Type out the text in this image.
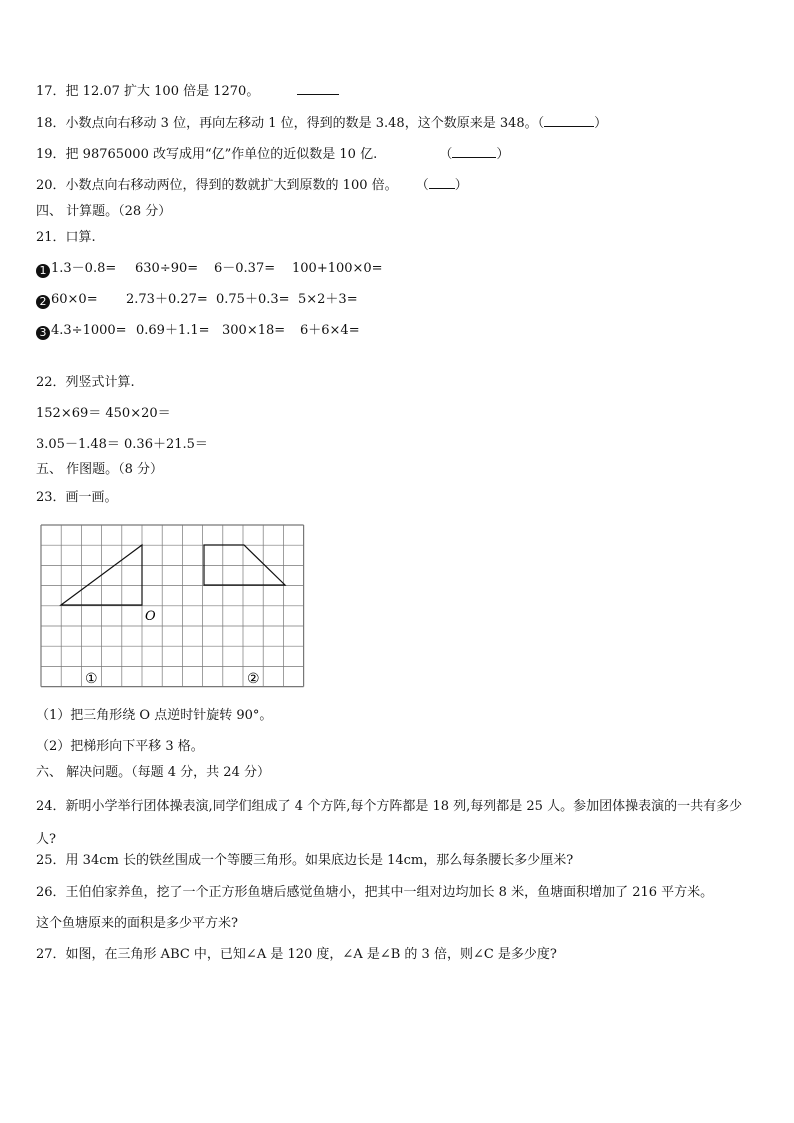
17．把 12.07 扩大 100 倍是 1270。
18．小数点向右移动 3 位，再向左移动 1 位，得到的数是 3.48，这个数原来是 348。（	）
19．把 98765000 改写成用“亿”作单位的近似数是 10 亿.	（	）
20．小数点向右移动两位，得到的数就扩大到原数的 100 倍。 （ ）
四、 计算题。（28 分）
21．口算.
1 1.3－0.8= 630÷90= 6－0.37= 100+100×0=
2 60×0= 2.73＋0.27= 0.75＋0.3= 5×2＋3=
3 4.3÷1000= 0.69＋1.1= 300×18= 6＋6×4=
22．列竖式计算.
152×69＝ 450×20＝
3.05－1.48＝ 0.36＋21.5＝
五、 作图题。（8 分）
23．画一画。
O
①	②
（1）把三角形绕 O 点逆时针旋转 90°。
（2）把梯形向下平移 3 格。
六、 解决问题。（每题 4 分，共 24 分）
24．新明小学举行团体操表演,同学们组成了 4 个方阵,每个方阵都是 18 列,每列都是 25 人。参加团体操表演的一共有多少人?
25．用 34cm 长的铁丝围成一个等腰三角形。如果底边长是 14cm，那么每条腰长多少厘米?
26．王伯伯家养鱼，挖了一个正方形鱼塘后感觉鱼塘小，把其中一组对边均加长 8 米，鱼塘面积增加了 216 平方米。
这个鱼塘原来的面积是多少平方米?
27．如图，在三角形 ABC 中，已知∠A 是 120 度，∠A 是∠B 的 3 倍，则∠C 是多少度?
